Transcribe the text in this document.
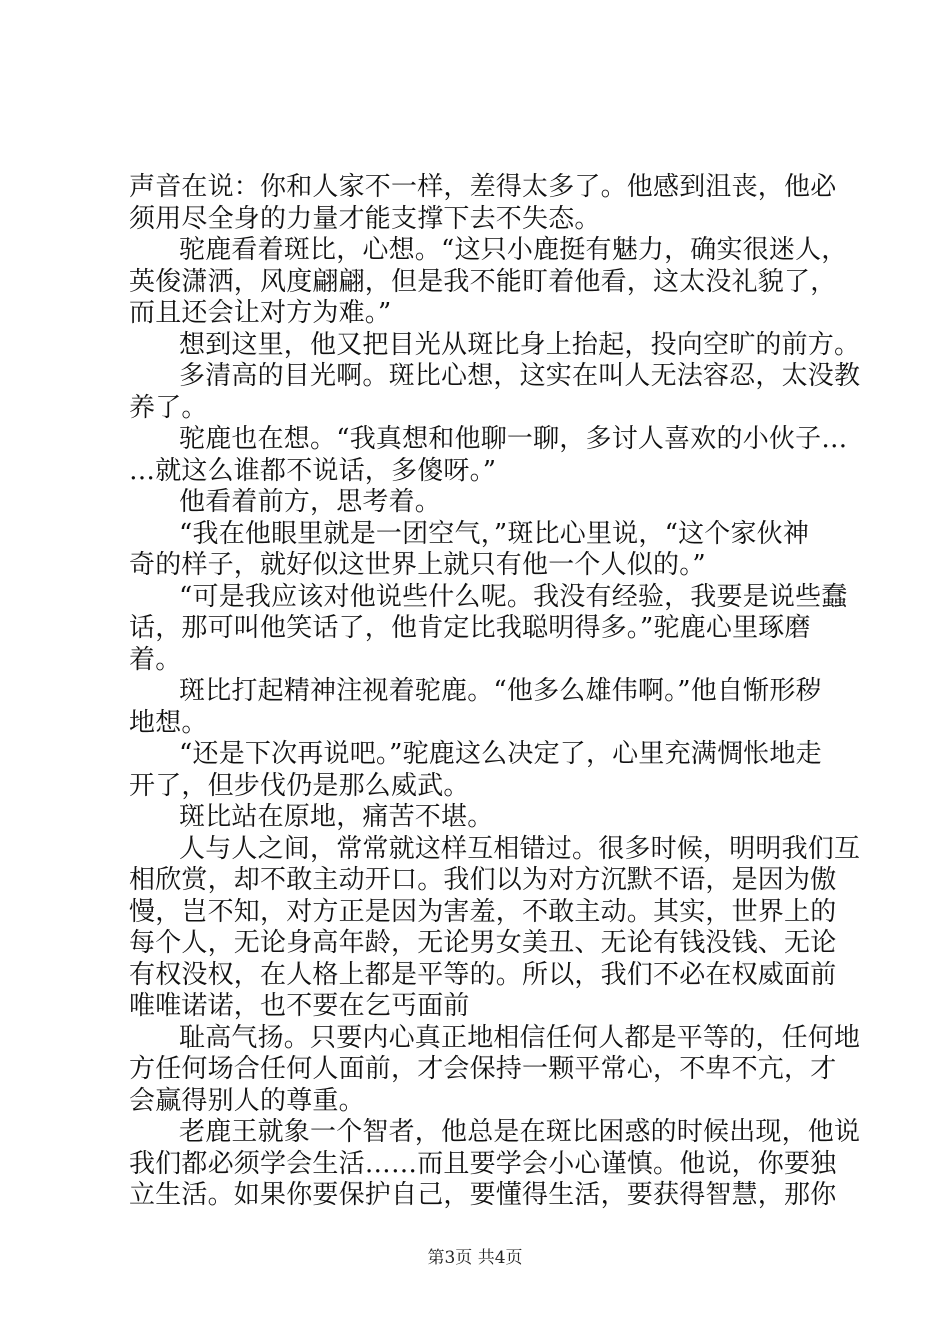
声音在说：你和人家不一样，差得太多了。他感到沮丧，他必
须用尽全身的力量才能支撑下去不失态。
驼鹿看着斑比，心想。“这只小鹿挺有魅力，确实很迷人，
英俊潇洒，风度翩翩，但是我不能盯着他看，这太没礼貌了，
而且还会让对方为难。”
想到这里，他又把目光从斑比身上抬起，投向空旷的前方。
多清高的目光啊。斑比心想，这实在叫人无法容忍，太没教
养了。
驼鹿也在想。“我真想和他聊一聊，多讨人喜欢的小伙子…
…就这么谁都不说话，多傻呀。”
他看着前方，思考着。
“我在他眼里就是一团空气，”斑比心里说，“这个家伙神
奇的样子，就好似这世界上就只有他一个人似的。”
“可是我应该对他说些什么呢。我没有经验，我要是说些蠢
话，那可叫他笑话了，他肯定比我聪明得多。”驼鹿心里琢磨
着。
斑比打起精神注视着驼鹿。“他多么雄伟啊。”他自惭形秽
地想。
“还是下次再说吧。”驼鹿这么决定了，心里充满惆怅地走
开了，但步伐仍是那么威武。
斑比站在原地，痛苦不堪。
人与人之间，常常就这样互相错过。很多时候，明明我们互
相欣赏，却不敢主动开口。我们以为对方沉默不语，是因为傲
慢，岂不知，对方正是因为害羞，不敢主动。其实，世界上的
每个人，无论身高年龄，无论男女美丑、无论有钱没钱、无论
有权没权，在人格上都是平等的。所以，我们不必在权威面前
唯唯诺诺，也不要在乞丐面前
耻高气扬。只要内心真正地相信任何人都是平等的，任何地
方任何场合任何人面前，才会保持一颗平常心，不卑不亢，才
会赢得别人的尊重。
老鹿王就象一个智者，他总是在斑比困惑的时候出现，他说
我们都必须学会生活……而且要学会小心谨慎。他说，你要独
立生活。如果你要保护自己，要懂得生活，要获得智慧，那你
第3页 共4页
